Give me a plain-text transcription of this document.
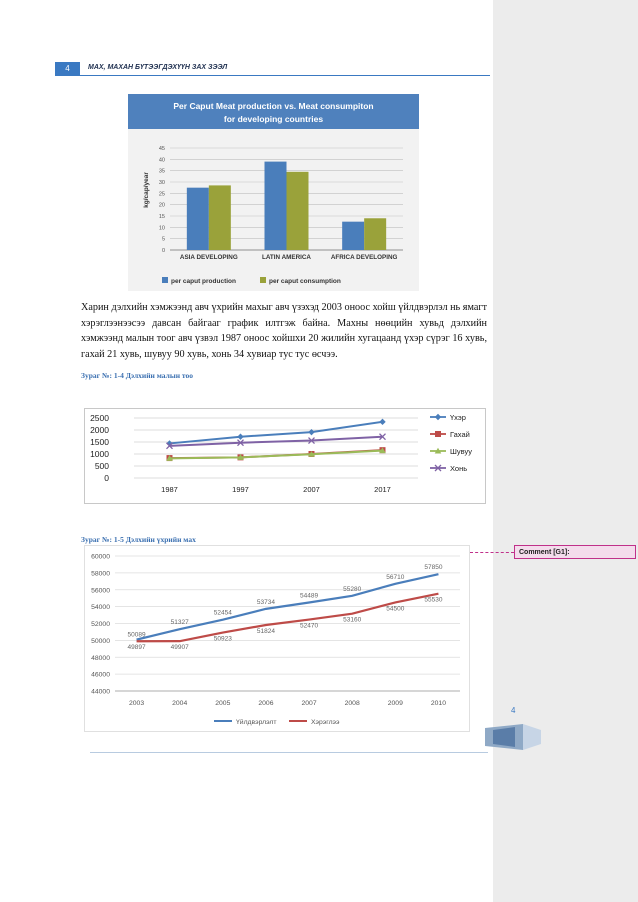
4	МАХ, МАХАН БҮТЭЭГДЭХҮҮН ЗАХ ЗЭЭЛ
Per Caput Meat production vs. Meat consumpiton
for developing countries
0
5
10
15
20
25
30
35
40
45
ASIA DEVELOPING	LATIN AMERICA	AFRICA DEVELOPING
kg/cap/year
per caput production	per caput consumption

Харин дэлхийн хэмжээнд авч үхрийн махыг авч үзэхэд 2003 оноос хойш үйлдвэрлэл нь ямагт хэрэглээнээсээ давсан байгааг график илтгэж байна. Махны нөөцийн хувьд дэлхийн хэмжээнд малын тоог авч үзвэл 1987 оноос хойшхи 20 жилийн хугацаанд үхэр сүрэг 16 хувь, гахай 21 хувь, шувуу 90 хувь, хонь 34 хувиар тус тус өсчээ.

Зураг №: 1-4 Дэлхийн малын тоо
0
500
1000
1500
2000
2500
1987	1997	2007	2017
Үхэр
Гахай
Шувуу
Хонь
Зураг №: 1-5 Дэлхийн үхрийн мах
44000
46000
48000
50000
52000
54000
56000
58000
60000
2003	2004	2005	2006	2007	2008	2009	2010
50089
51327
52454
53734
54489
55280
56710
57850
49897	49907
50923
51824
52470
53160
54500
55530
Үйлдвэрлэлт	Хэрэглээ
Comment [G1]:
4
